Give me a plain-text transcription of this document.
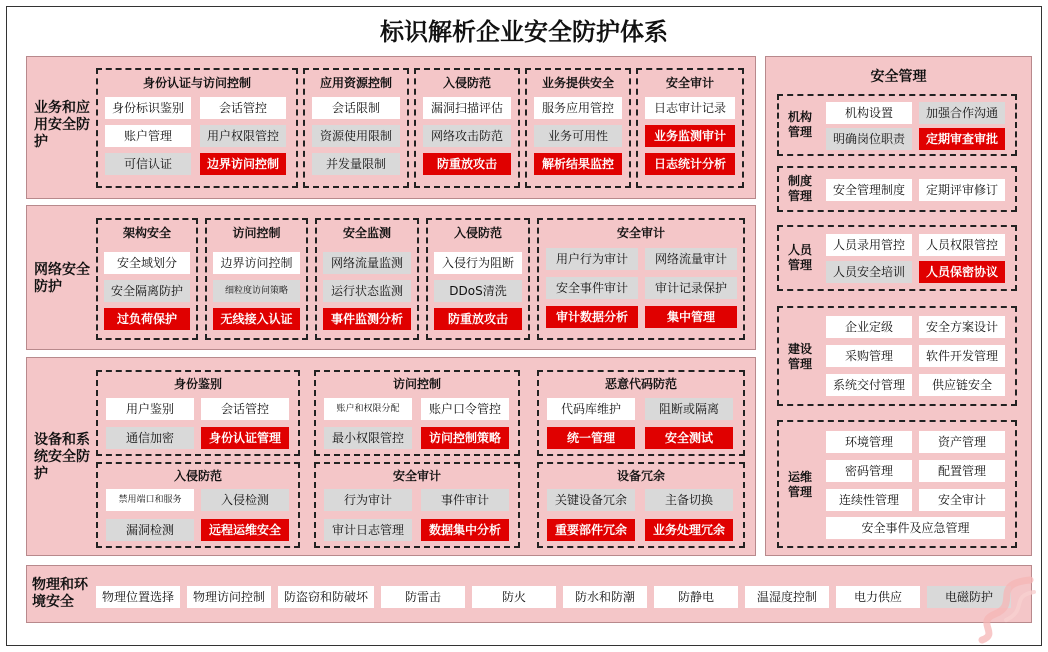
标识解析企业安全防护体系
业务和应用安全防护
身份认证与访问控制
身份标识鉴别	会话管控
账户管理	用户权限管控
可信认证	边界访问控制
应用资源控制
会话限制
资源使用限制
并发量限制
入侵防范
漏洞扫描评估
网络攻击防范
防重放攻击
业务提供安全
服务应用管控
业务可用性
解析结果监控
安全审计
日志审计记录
业务监测审计
日志统计分析
网络安全防护
架构安全
安全域划分
安全隔离防护
过负荷保护
访问控制
边界访问控制
细粒度访问策略
无线接入认证
安全监测
网络流量监测
运行状态监测
事件监测分析
入侵防范
入侵行为阻断
DDoS清洗
防重放攻击
安全审计
用户行为审计	网络流量审计
安全事件审计	审计记录保护
审计数据分析	集中管理
设备和系统安全防护
身份鉴别
用户鉴别	会话管控
通信加密	身份认证管理
访问控制
账户和权限分配	账户口令管控
最小权限管控	访问控制策略
恶意代码防范
代码库维护	阻断或隔离
统一管理	安全测试
入侵防范
禁用端口和服务	入侵检测
漏洞检测	远程运维安全
安全审计
行为审计	事件审计
审计日志管理	数据集中分析
设备冗余
关键设备冗余	主备切换
重要部件冗余	业务处理冗余
物理和环境安全	物理位置选择	物理访问控制	防盗窃和防破坏	防雷击	防火	防水和防潮	防静电	温湿度控制	电力供应	电磁防护
安全管理
机构管理
机构设置	加强合作沟通
明确岗位职责	定期审查审批
制度管理	安全管理制度	定期评审修订
人员管理
人员录用管控	人员权限管控
人员安全培训	人员保密协议
建设管理
企业定级	安全方案设计
采购管理	软件开发管理
系统交付管理	供应链安全
运维管理
环境管理	资产管理
密码管理	配置管理
连续性管理	安全审计
安全事件及应急管理
